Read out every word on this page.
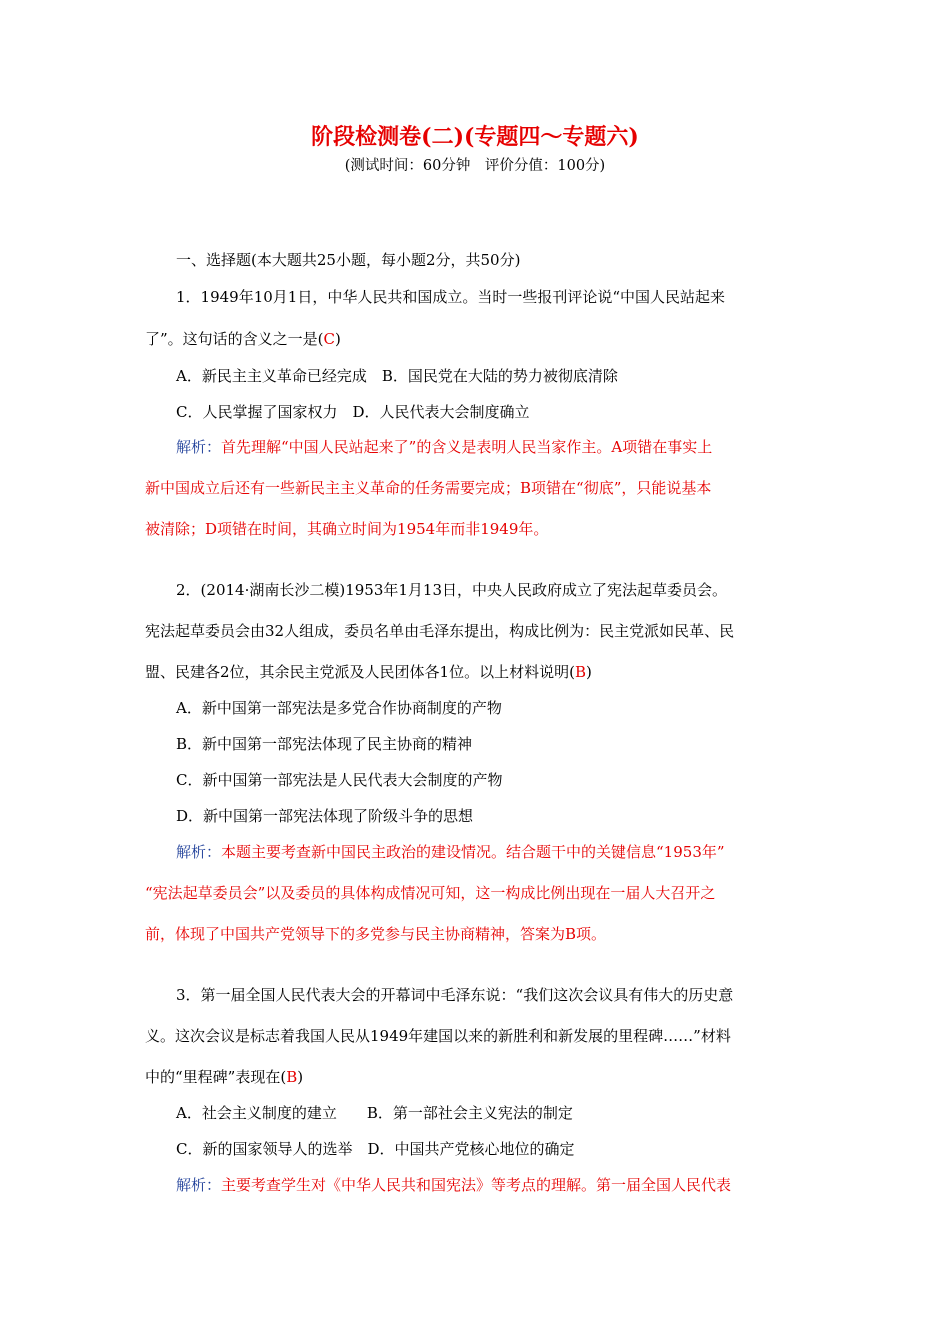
阶段检测卷(二)(专题四～专题六)
(测试时间：60分钟　评价分值：100分)
一、选择题(本大题共25小题，每小题2分，共50分)
1．1949年10月1日，中华人民共和国成立。当时一些报刊评论说“中国人民站起来
了”。这句话的含义之一是(C)
A．新民主主义革命已经完成　B．国民党在大陆的势力被彻底清除
C．人民掌握了国家权力　D．人民代表大会制度确立
解析：首先理解“中国人民站起来了”的含义是表明人民当家作主。A项错在事实上
新中国成立后还有一些新民主主义革命的任务需要完成；B项错在“彻底”，只能说基本
被清除；D项错在时间，其确立时间为1954年而非1949年。
2．(2014·湖南长沙二模)1953年1月13日，中央人民政府成立了宪法起草委员会。
宪法起草委员会由32人组成，委员名单由毛泽东提出，构成比例为：民主党派如民革、民
盟、民建各2位，其余民主党派及人民团体各1位。以上材料说明(B)
A．新中国第一部宪法是多党合作协商制度的产物
B．新中国第一部宪法体现了民主协商的精神
C．新中国第一部宪法是人民代表大会制度的产物
D．新中国第一部宪法体现了阶级斗争的思想
解析：本题主要考查新中国民主政治的建设情况。结合题干中的关键信息“1953年”
“宪法起草委员会”以及委员的具体构成情况可知，这一构成比例出现在一届人大召开之
前，体现了中国共产党领导下的多党参与民主协商精神，答案为B项。
3．第一届全国人民代表大会的开幕词中毛泽东说：“我们这次会议具有伟大的历史意
义。这次会议是标志着我国人民从1949年建国以来的新胜利和新发展的里程碑……”材料
中的“里程碑”表现在(B)
A．社会主义制度的建立　　B．第一部社会主义宪法的制定
C．新的国家领导人的选举　D．中国共产党核心地位的确定
解析：主要考查学生对《中华人民共和国宪法》等考点的理解。第一届全国人民代表
